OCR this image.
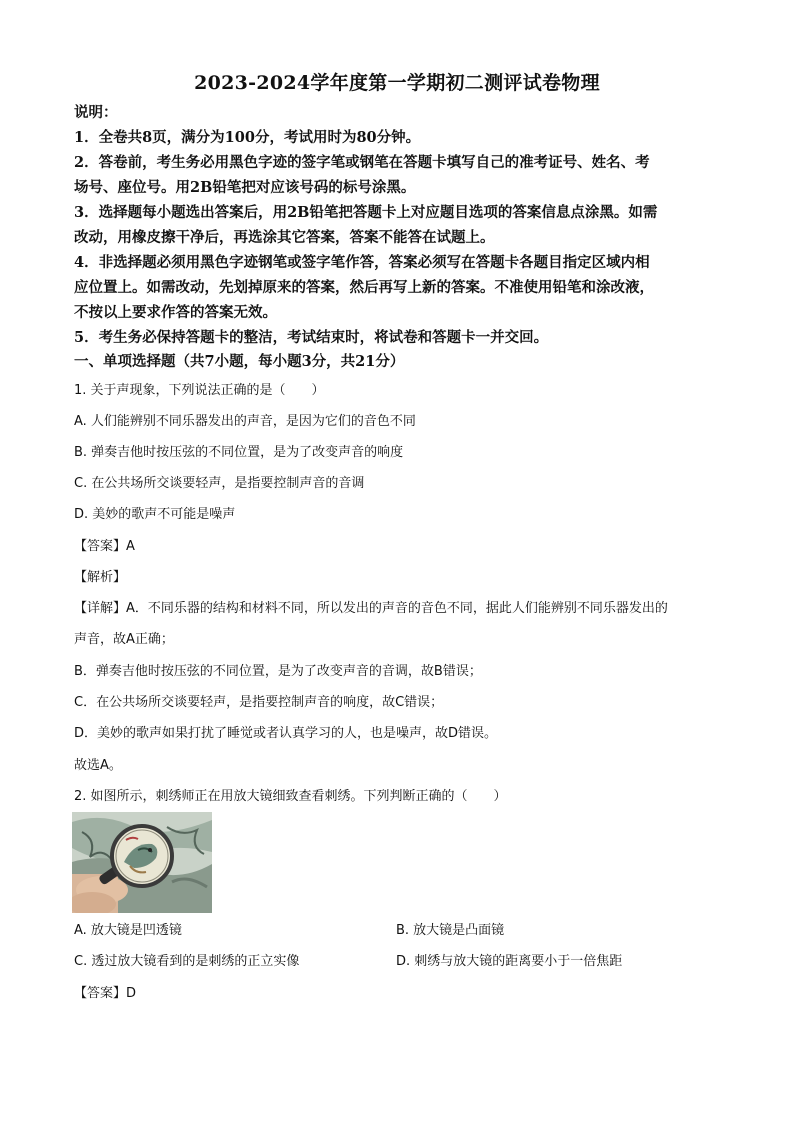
2023-2024学年度第一学期初二测评试卷物理
说明：
1．全卷共8页，满分为100分，考试用时为80分钟。
2．答卷前，考生务必用黑色字迹的签字笔或钢笔在答题卡填写自己的准考证号、姓名、考
场号、座位号。用2B铅笔把对应该号码的标号涂黑。
3．选择题每小题选出答案后，用2B铅笔把答题卡上对应题目选项的答案信息点涂黑。如需
改动，用橡皮擦干净后，再选涂其它答案，答案不能答在试题上。
4．非选择题必须用黑色字迹钢笔或签字笔作答，答案必须写在答题卡各题目指定区域内相
应位置上。如需改动，先划掉原来的答案，然后再写上新的答案。不准使用铅笔和涂改液，
不按以上要求作答的答案无效。
5．考生务必保持答题卡的整洁，考试结束时，将试卷和答题卡一并交回。
一、单项选择题（共7小题，每小题3分，共21分）
1. 关于声现象，下列说法正确的是（　　）
A. 人们能辨别不同乐器发出的声音，是因为它们的音色不同
B. 弹奏吉他时按压弦的不同位置，是为了改变声音的响度
C. 在公共场所交谈要轻声，是指要控制声音的音调
D. 美妙的歌声不可能是噪声
【答案】A
【解析】
【详解】A．不同乐器的结构和材料不同，所以发出的声音的音色不同，据此人们能辨别不同乐器发出的
声音，故A正确；
B．弹奏吉他时按压弦的不同位置，是为了改变声音的音调，故B错误；
C．在公共场所交谈要轻声，是指要控制声音的响度，故C错误；
D．美妙的歌声如果打扰了睡觉或者认真学习的人，也是噪声，故D错误。
故选A。
2. 如图所示，刺绣师正在用放大镜细致查看刺绣。下列判断正确的（　　）
A. 放大镜是凹透镜	B. 放大镜是凸面镜
C. 透过放大镜看到的是刺绣的正立实像	D. 刺绣与放大镜的距离要小于一倍焦距
【答案】D
